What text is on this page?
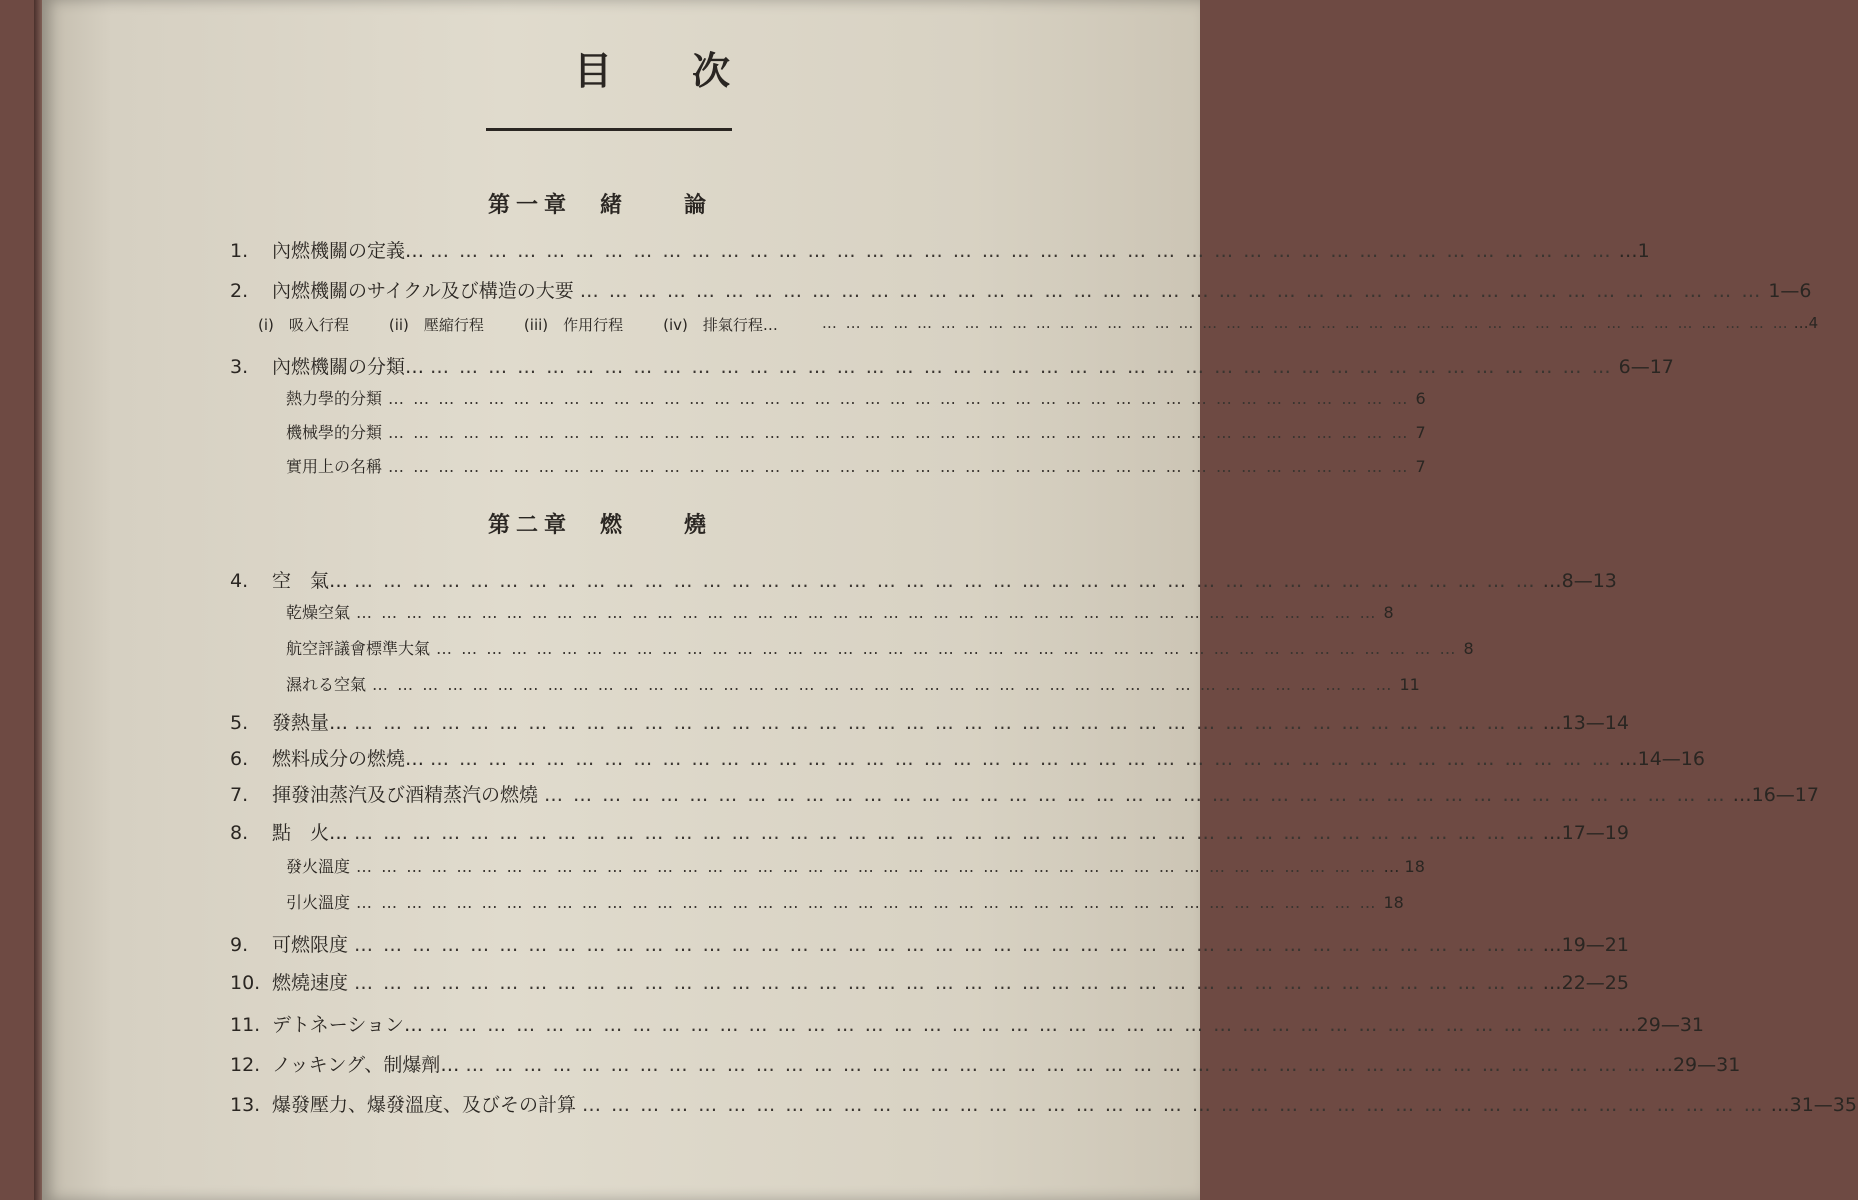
目次
第一章　緒　　論
1.	內燃機關の定義… … … … … … … … … … … … … … … … … … … … … … … … … … … … … … … … … … … … … … … … … …	…1
2.	內燃機關のサイクル及び構造の大要 … … … … … … … … … … … … … … … … … … … … … … … … … … … … … … … … … … … … … … … … …	1—6
(i)　吸入行程	(ii)　壓縮行程	(iii)　作用行程	(iv)　排氣行程… … … … … … … … … … … … … … … … … … … … … … … … … … … … … … … … … … … … … … … … … …	…4
3.	內燃機關の分類… … … … … … … … … … … … … … … … … … … … … … … … … … … … … … … … … … … … … … … … … …	6—17
熱力學的分類 … … … … … … … … … … … … … … … … … … … … … … … … … … … … … … … … … … … … … … … … …	6
機械學的分類 … … … … … … … … … … … … … … … … … … … … … … … … … … … … … … … … … … … … … … … … …	7
實用上の名稱 … … … … … … … … … … … … … … … … … … … … … … … … … … … … … … … … … … … … … … … … …	7
第二章　燃　　燒
4.	空　氣… … … … … … … … … … … … … … … … … … … … … … … … … … … … … … … … … … … … … … … … … …	…8—13
乾燥空氣 … … … … … … … … … … … … … … … … … … … … … … … … … … … … … … … … … … … … … … … … …	8
航空評議會標準大氣 … … … … … … … … … … … … … … … … … … … … … … … … … … … … … … … … … … … … … … … … …	8
濕れる空氣 … … … … … … … … … … … … … … … … … … … … … … … … … … … … … … … … … … … … … … … … …	11
5.	發熱量… … … … … … … … … … … … … … … … … … … … … … … … … … … … … … … … … … … … … … … … … …	…13—14
6.	燃料成分の燃燒… … … … … … … … … … … … … … … … … … … … … … … … … … … … … … … … … … … … … … … … … …	…14—16
7.	揮發油蒸汽及び酒精蒸汽の燃燒 … … … … … … … … … … … … … … … … … … … … … … … … … … … … … … … … … … … … … … … … …	…16—17
8.	點　火… … … … … … … … … … … … … … … … … … … … … … … … … … … … … … … … … … … … … … … … … …	…17—19
發火溫度 … … … … … … … … … … … … … … … … … … … … … … … … … … … … … … … … … … … … … … … … …	… 18
引火溫度 … … … … … … … … … … … … … … … … … … … … … … … … … … … … … … … … … … … … … … … … …	18
9.	可燃限度 … … … … … … … … … … … … … … … … … … … … … … … … … … … … … … … … … … … … … … … … …	…19—21
10. 燃燒速度 … … … … … … … … … … … … … … … … … … … … … … … … … … … … … … … … … … … … … … … … …	…22—25
11. デトネーション… … … … … … … … … … … … … … … … … … … … … … … … … … … … … … … … … … … … … … … … … …	…29—31
12. ノッキング、制爆劑… … … … … … … … … … … … … … … … … … … … … … … … … … … … … … … … … … … … … … … … … …	…29—31
13. 爆發壓力、爆發溫度、及びその計算 … … … … … … … … … … … … … … … … … … … … … … … … … … … … … … … … … … … … … … … … …	…31—35
